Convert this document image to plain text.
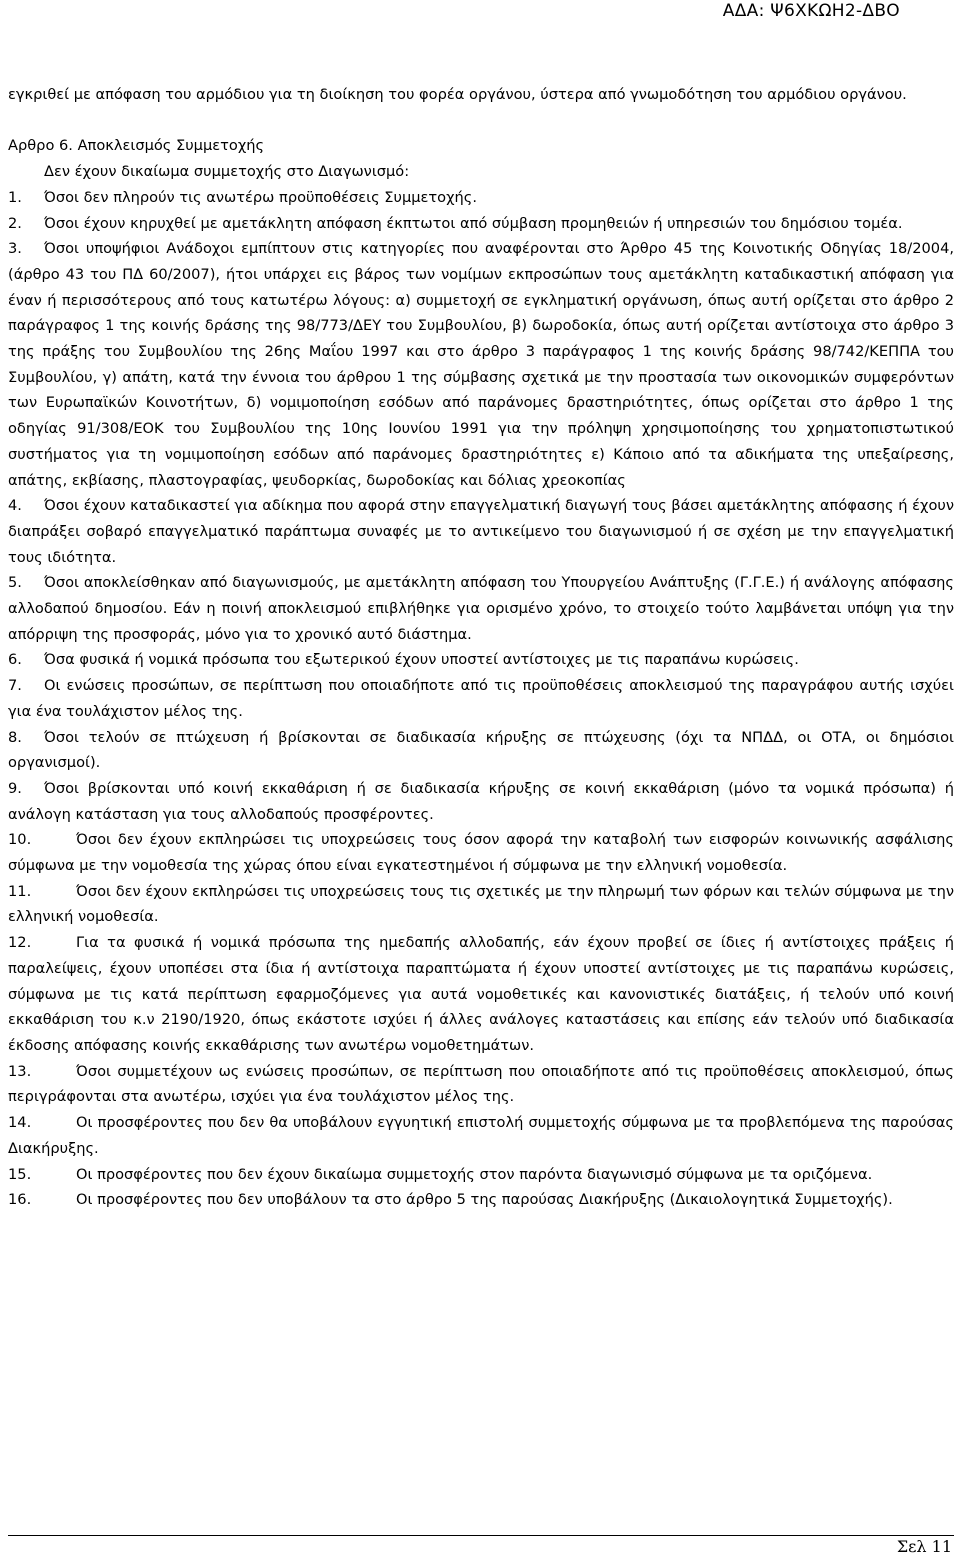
ΑΔΑ: Ψ6ΧΚΩΗ2-ΔΒΟ

εγκριθεί με απόφαση του αρμόδιου για τη διοίκηση του φορέα οργάνου, ύστερα από γνωμοδότηση του αρμόδιου οργάνου.

Αρθρο 6. Αποκλεισμός Συμμετοχής

Δεν έχουν δικαίωμα συμμετοχής στο Διαγωνισμό:

1. Όσοι δεν πληρούν τις ανωτέρω προϋποθέσεις Συμμετοχής.

2. Όσοι έχουν κηρυχθεί με αμετάκλητη απόφαση έκπτωτοι από σύμβαση προμηθειών ή υπηρεσιών του δημόσιου τομέα.

3. Όσοι υποψήφιοι Ανάδοχοι εμπίπτουν στις κατηγορίες που αναφέρονται στο Άρθρο 45 της Κοινοτικής Οδηγίας 18/2004,(άρθρο 43 του ΠΔ 60/2007), ήτοι υπάρχει εις βάρος των νομίμων εκπροσώπων τους αμετάκλητη καταδικαστική απόφαση για έναν ή περισσότερους από τους κατωτέρω λόγους: α) συμμετοχή σε εγκληματική οργάνωση, όπως αυτή ορίζεται στο άρθρο 2 παράγραφος 1 της κοινής δράσης της 98/773/ΔΕΥ του Συμβουλίου, β) δωροδοκία, όπως αυτή ορίζεται αντίστοιχα στο άρθρο 3 της πράξης του Συμβουλίου της 26ης Μαΐου 1997 και στο άρθρο 3 παράγραφος 1 της κοινής δράσης 98/742/ΚΕΠΠΑ του Συμβουλίου, γ) απάτη, κατά την έννοια του άρθρου 1 της σύμβασης σχετικά με την προστασία των οικονομικών συμφερόντων των Ευρωπαϊκών Κοινοτήτων, δ) νομιμοποίηση εσόδων από παράνομες δραστηριότητες, όπως ορίζεται στο άρθρο 1 της οδηγίας 91/308/ΕΟΚ του Συμβουλίου της 10ης Ιουνίου 1991 για την πρόληψη χρησιμοποίησης του χρηματοπιστωτικού συστήματος για τη νομιμοποίηση εσόδων από παράνομες δραστηριότητες ε) Κάποιο από τα αδικήματα της υπεξαίρεσης, απάτης, εκβίασης, πλαστογραφίας, ψευδορκίας, δωροδοκίας και δόλιας χρεοκοπίας

4. Όσοι έχουν καταδικαστεί για αδίκημα που αφορά στην επαγγελματική διαγωγή τους βάσει αμετάκλητης απόφασης ή έχουν διαπράξει σοβαρό επαγγελματικό παράπτωμα συναφές με το αντικείμενο του διαγωνισμού ή σε σχέση με την επαγγελματική τους ιδιότητα.

5. Όσοι αποκλείσθηκαν από διαγωνισμούς, με αμετάκλητη απόφαση του Υπουργείου Ανάπτυξης (Γ.Γ.Ε.) ή ανάλογης απόφασης αλλοδαπού δημοσίου. Εάν η ποινή αποκλεισμού επιβλήθηκε για ορισμένο χρόνο, το στοιχείο τούτο λαμβάνεται υπόψη για την απόρριψη της προσφοράς, μόνο για το χρονικό αυτό διάστημα.

6. Όσα φυσικά ή νομικά πρόσωπα του εξωτερικού έχουν υποστεί αντίστοιχες με τις παραπάνω κυρώσεις.

7. Οι ενώσεις προσώπων, σε περίπτωση που οποιαδήποτε από τις προϋποθέσεις αποκλεισμού της παραγράφου αυτής ισχύει για ένα τουλάχιστον μέλος της.

8. Όσοι τελούν σε πτώχευση ή βρίσκονται σε διαδικασία κήρυξης σε πτώχευσης (όχι τα ΝΠΔΔ, οι ΟΤΑ, οι δημόσιοι οργανισμοί).

9. Όσοι βρίσκονται υπό κοινή εκκαθάριση ή σε διαδικασία κήρυξης σε κοινή εκκαθάριση (μόνο τα νομικά πρόσωπα) ή ανάλογη κατάσταση για τους αλλοδαπούς προσφέροντες.

10.	Όσοι δεν έχουν εκπληρώσει τις υποχρεώσεις τους όσον αφορά την καταβολή των εισφορών κοινωνικής ασφάλισης σύμφωνα με την νομοθεσία της χώρας όπου είναι εγκατεστημένοι ή σύμφωνα με την ελληνική νομοθεσία.

11.	Όσοι δεν έχουν εκπληρώσει τις υποχρεώσεις τους τις σχετικές με την πληρωμή των φόρων και τελών σύμφωνα με την ελληνική νομοθεσία.

12.	Για τα φυσικά ή νομικά πρόσωπα της ημεδαπής αλλοδαπής, εάν έχουν προβεί σε ίδιες ή αντίστοιχες πράξεις ή παραλείψεις, έχουν υποπέσει στα ίδια ή αντίστοιχα παραπτώματα ή έχουν υποστεί αντίστοιχες με τις παραπάνω κυρώσεις, σύμφωνα με τις κατά περίπτωση εφαρμοζόμενες για αυτά νομοθετικές και κανονιστικές διατάξεις, ή τελούν υπό κοινή εκκαθάριση του κ.ν 2190/1920, όπως εκάστοτε ισχύει ή άλλες ανάλογες καταστάσεις και επίσης εάν τελούν υπό διαδικασία έκδοσης απόφασης κοινής εκκαθάρισης των ανωτέρω νομοθετημάτων.

13.	Όσοι συμμετέχουν ως ενώσεις προσώπων, σε περίπτωση που οποιαδήποτε από τις προϋποθέσεις αποκλεισμού, όπως περιγράφονται στα ανωτέρω, ισχύει για ένα τουλάχιστον μέλος της.

14.	Οι προσφέροντες που δεν θα υποβάλουν εγγυητική επιστολή συμμετοχής σύμφωνα με τα προβλεπόμενα της παρούσας Διακήρυξης.

15.	Οι προσφέροντες που δεν έχουν δικαίωμα συμμετοχής στον παρόντα διαγωνισμό σύμφωνα με τα οριζόμενα.

16.	Οι προσφέροντες που δεν υποβάλουν τα στο άρθρο 5 της παρούσας Διακήρυξης (Δικαιολογητικά Συμμετοχής).

Σελ 11
